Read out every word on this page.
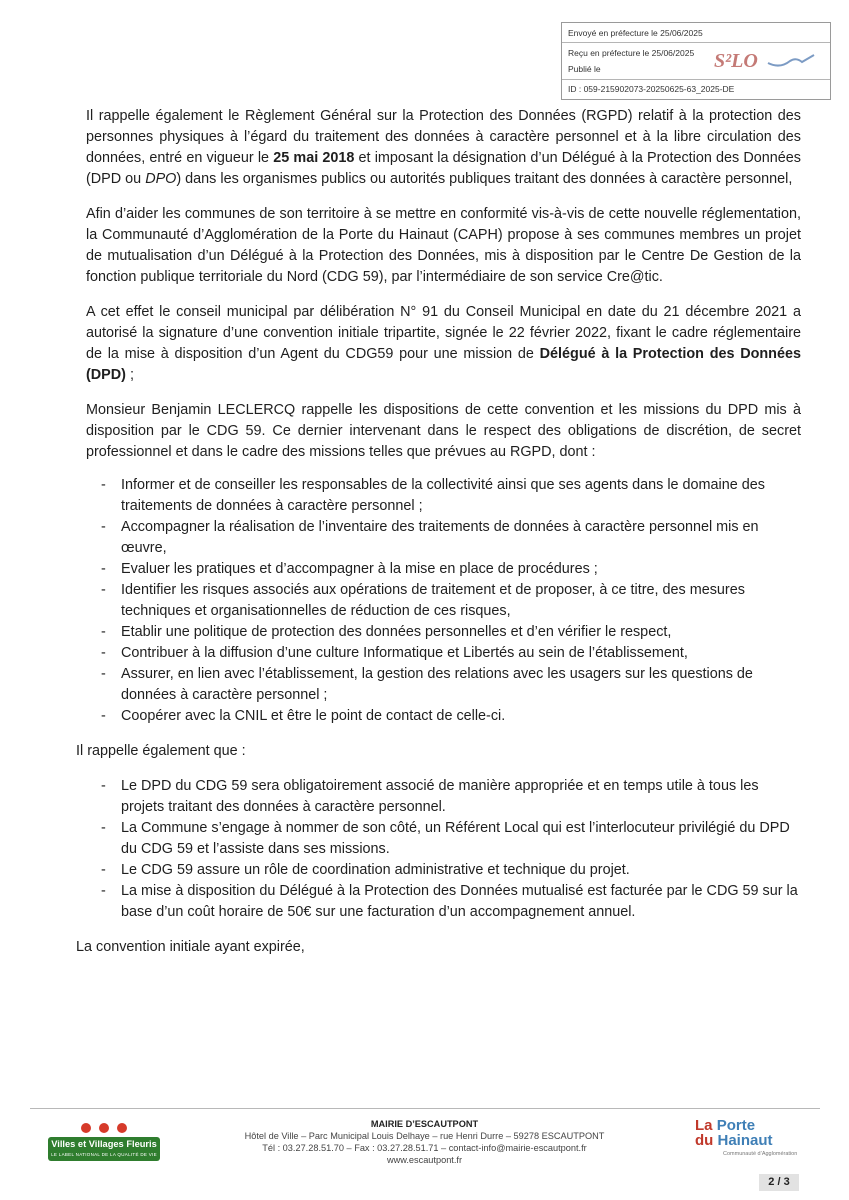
Envoyé en préfecture le 25/06/2025
Reçu en préfecture le 25/06/2025
Publié le
ID : 059-215902073-20250625-63_2025-DE
S²LO

Il rappelle également le Règlement Général sur la Protection des Données (RGPD) relatif à la protection des personnes physiques à l’égard du traitement des données à caractère personnel et à la libre circulation des données, entré en vigueur le 25 mai 2018 et imposant la désignation d’un Délégué à la Protection des Données (DPD ou DPO) dans les organismes publics ou autorités publiques traitant des données à caractère personnel,

Afin d’aider les communes de son territoire à se mettre en conformité vis-à-vis de cette nouvelle réglementation, la Communauté d’Agglomération de la Porte du Hainaut (CAPH) propose à ses communes membres un projet de mutualisation d’un Délégué à la Protection des Données, mis à disposition par le Centre De Gestion de la fonction publique territoriale du Nord (CDG 59), par l’intermédiaire de son service Cre@tic.

A cet effet le conseil municipal par délibération N° 91 du Conseil Municipal en date du 21 décembre 2021 a autorisé la signature d’une convention initiale tripartite, signée le 22 février 2022, fixant le cadre réglementaire de la mise à disposition d’un Agent du CDG59 pour une mission de Délégué à la Protection des Données (DPD) ;

Monsieur Benjamin LECLERCQ rappelle les dispositions de cette convention et les missions du DPD mis à disposition par le CDG 59. Ce dernier intervenant dans le respect des obligations de discrétion, de secret professionnel et dans le cadre des missions telles que prévues au RGPD, dont :

- Informer et de conseiller les responsables de la collectivité ainsi que ses agents dans le domaine des traitements de données à caractère personnel ;
- Accompagner la réalisation de l’inventaire des traitements de données à caractère personnel mis en œuvre,
- Evaluer les pratiques et d’accompagner à la mise en place de procédures ;
- Identifier les risques associés aux opérations de traitement et de proposer, à ce titre, des mesures techniques et organisationnelles de réduction de ces risques,
- Etablir une politique de protection des données personnelles et d’en vérifier le respect,
- Contribuer à la diffusion d’une culture Informatique et Libertés au sein de l’établissement,
- Assurer, en lien avec l’établissement, la gestion des relations avec les usagers sur les questions de données à caractère personnel ;
- Coopérer avec la CNIL et être le point de contact de celle-ci.

Il rappelle également que :

- Le DPD du CDG 59 sera obligatoirement associé de manière appropriée et en temps utile à tous les projets traitant des données à caractère personnel.
- La Commune s’engage à nommer de son côté, un Référent Local qui est l’interlocuteur privilégié du DPD du CDG 59 et l’assiste dans ses missions.
- Le CDG 59 assure un rôle de coordination administrative et technique du projet.
- La mise à disposition du Délégué à la Protection des Données mutualisé est facturée par le CDG 59 sur la base d’un coût horaire de 50€ sur une facturation d’un accompagnement annuel.

La convention initiale ayant expirée,

Villes et Villages Fleuris
LE LABEL NATIONAL DE LA QUALITÉ DE VIE
MAIRIE D’ESCAUTPONT
Hôtel de Ville – Parc Municipal Louis Delhaye – rue Henri Durre – 59278 ESCAUTPONT
Tél : 03.27.28.51.70 – Fax : 03.27.28.51.71 – contact-info@mairie-escautpont.fr
www.escautpont.fr
La Porte
du Hainaut
Communauté d’Agglomération
2 / 3
